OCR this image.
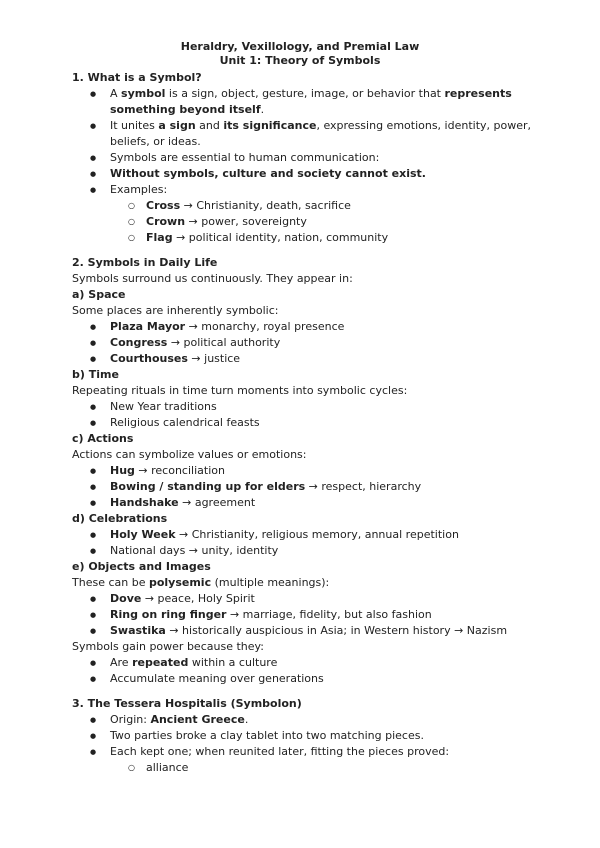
Heraldry, Vexillology, and Premial Law
Unit 1: Theory of Symbols
1. What is a Symbol?
● A symbol is a sign, object, gesture, image, or behavior that represents something beyond itself.
● It unites a sign and its significance, expressing emotions, identity, power, beliefs, or ideas.
● Symbols are essential to human communication:
● Without symbols, culture and society cannot exist.
● Examples:
○ Cross → Christianity, death, sacrifice
○ Crown → power, sovereignty
○ Flag → political identity, nation, community
2. Symbols in Daily Life

Symbols surround us continuously. They appear in:

a) Space

Some places are inherently symbolic:

● Plaza Mayor → monarchy, royal presence
● Congress → political authority
● Courthouses → justice
b) Time

Repeating rituals in time turn moments into symbolic cycles:

● New Year traditions
● Religious calendrical feasts
c) Actions

Actions can symbolize values or emotions:

● Hug → reconciliation
● Bowing / standing up for elders → respect, hierarchy
● Handshake → agreement
d) Celebrations
● Holy Week → Christianity, religious memory, annual repetition
● National days → unity, identity
e) Objects and Images

These can be polysemic (multiple meanings):

● Dove → peace, Holy Spirit
● Ring on ring finger → marriage, fidelity, but also fashion
● Swastika → historically auspicious in Asia; in Western history → Nazism

Symbols gain power because they:

● Are repeated within a culture
● Accumulate meaning over generations
3. The Tessera Hospitalis (Symbolon)
● Origin: Ancient Greece.
● Two parties broke a clay tablet into two matching pieces.
● Each kept one; when reunited later, fitting the pieces proved:
○ alliance
